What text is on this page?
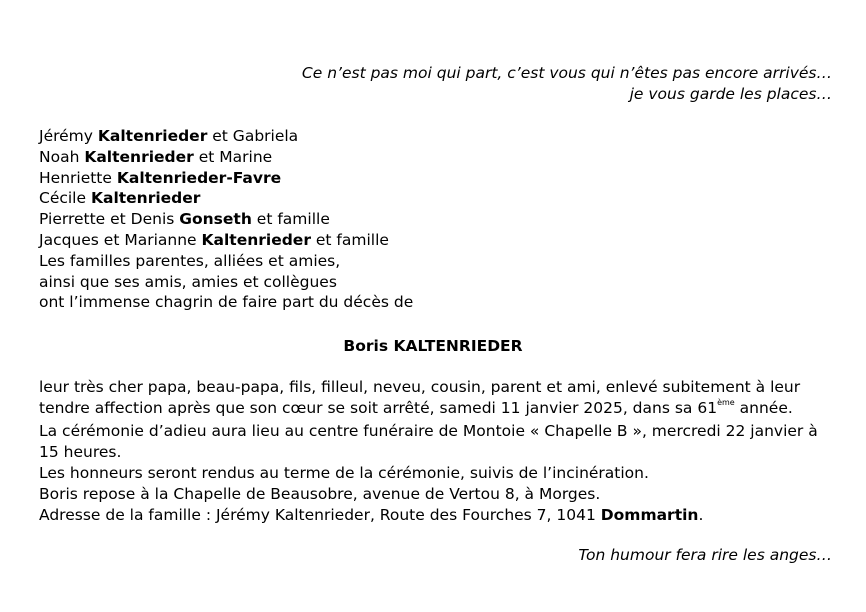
Ce n’est pas moi qui part, c’est vous qui n’êtes pas encore arrivés…
je vous garde les places…
Jérémy Kaltenrieder et Gabriela
Noah Kaltenrieder et Marine
Henriette Kaltenrieder-Favre
Cécile Kaltenrieder
Pierrette et Denis Gonseth et famille
Jacques et Marianne Kaltenrieder et famille
Les familles parentes, alliées et amies,
ainsi que ses amis, amies et collègues
ont l’immense chagrin de faire part du décès de
Boris KALTENRIEDER
leur très cher papa, beau-papa, fils, filleul, neveu, cousin, parent et ami, enlevé subitement à leur
tendre affection après que son cœur se soit arrêté, samedi 11 janvier 2025, dans sa 61ème année.
La cérémonie d’adieu aura lieu au centre funéraire de Montoie « Chapelle B », mercredi 22 janvier à
15 heures.
Les honneurs seront rendus au terme de la cérémonie, suivis de l’incinération.
Boris repose à la Chapelle de Beausobre, avenue de Vertou 8, à Morges.
Adresse de la famille : Jérémy Kaltenrieder, Route des Fourches 7, 1041 Dommartin.
Ton humour fera rire les anges…
